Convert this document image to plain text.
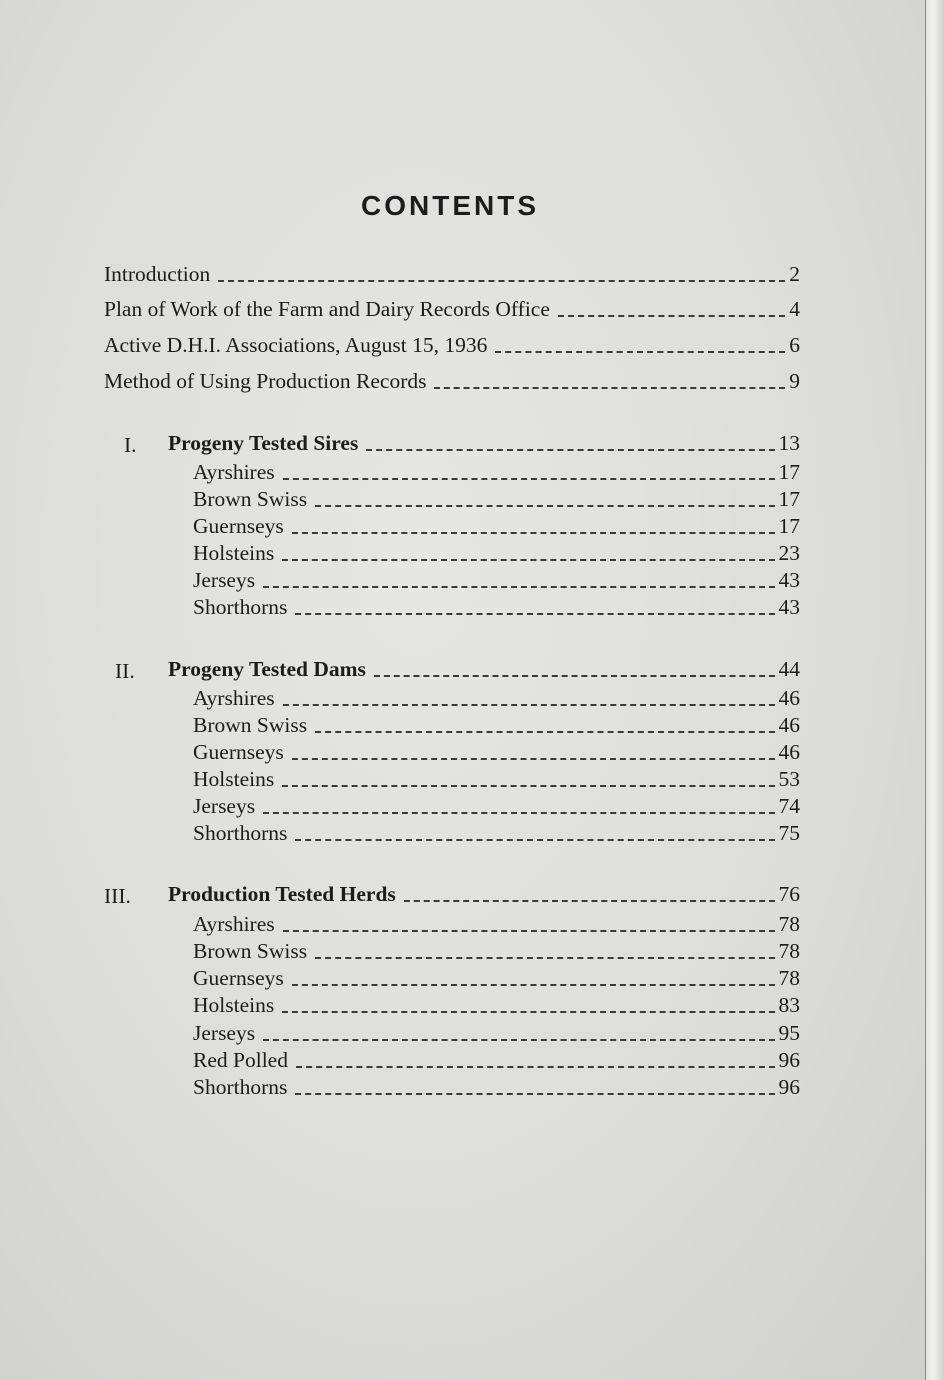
CONTENTS
Introduction	2
Plan of Work of the Farm and Dairy Records Office	4
Active D.H.I. Associations, August 15, 1936	6
Method of Using Production Records	9
I. Progeny Tested Sires	13
Ayrshires	17
Brown Swiss	17
Guernseys	17
Holsteins	23
Jerseys	43
Shorthorns	43
II. Progeny Tested Dams	44
Ayrshires	46
Brown Swiss	46
Guernseys	46
Holsteins	53
Jerseys	74
Shorthorns	75
III. Production Tested Herds	76
Ayrshires	78
Brown Swiss	78
Guernseys	78
Holsteins	83
Jerseys	95
Red Polled	96
Shorthorns	96
